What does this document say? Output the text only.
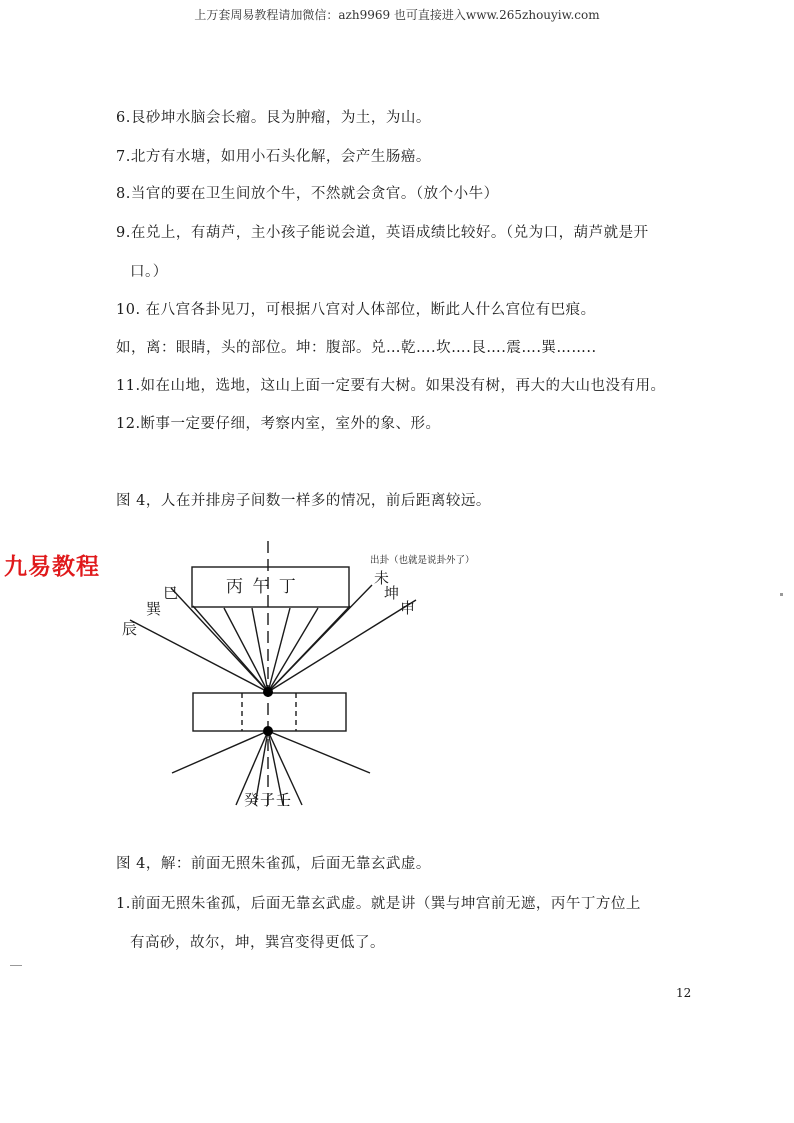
上万套周易教程请加微信：azh9969 也可直接进入www.265zhouyiw.com
6.艮砂坤水脑会长瘤。艮为肿瘤，为土，为山。
7.北方有水塘，如用小石头化解，会产生肠癌。
8.当官的要在卫生间放个牛，不然就会贪官。（放个小牛）
9.在兑上，有葫芦，主小孩子能说会道，英语成绩比较好。（兑为口，葫芦就是开
口。）
10. 在八宫各卦见刀，可根据八宫对人体部位，断此人什么宫位有巴痕。
如，离：眼睛，头的部位。坤：腹部。兑…乾….坎….艮….震….巽……..
11.如在山地，选地，这山上面一定要有大树。如果没有树，再大的大山也没有用。
12.断事一定要仔细，考察内室，室外的象、形。
图 4，人在并排房子间数一样多的情况，前后距离较远。
九易教程
丙 午 丁
出卦（也就是说卦外了）
巳
巽
辰
未
坤
申
癸子壬
图 4，解：前面无照朱雀孤，后面无靠玄武虚。
1.前面无照朱雀孤，后面无靠玄武虚。就是讲（巽与坤宫前无遮，丙午丁方位上
有高砂，故尔，坤，巽宫变得更低了。
12
